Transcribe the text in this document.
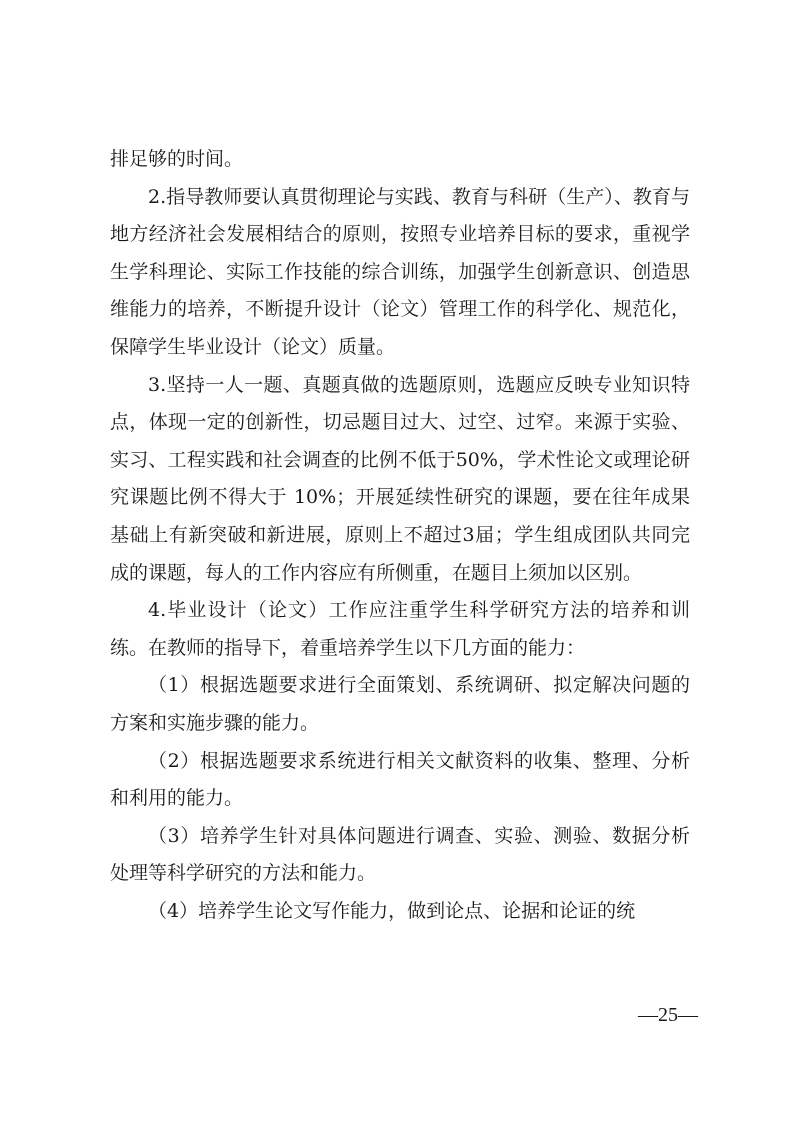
排足够的时间。

2.指导教师要认真贯彻理论与实践、教育与科研（生产）、教育与地方经济社会发展相结合的原则，按照专业培养目标的要求，重视学生学科理论、实际工作技能的综合训练，加强学生创新意识、创造思维能力的培养，不断提升设计（论文）管理工作的科学化、规范化，保障学生毕业设计（论文）质量。

3.坚持一人一题、真题真做的选题原则，选题应反映专业知识特点，体现一定的创新性，切忌题目过大、过空、过窄。来源于实验、实习、工程实践和社会调查的比例不低于50%，学术性论文或理论研究课题比例不得大于 10%；开展延续性研究的课题，要在往年成果基础上有新突破和新进展，原则上不超过3届；学生组成团队共同完成的课题，每人的工作内容应有所侧重，在题目上须加以区别。

4.毕业设计（论文）工作应注重学生科学研究方法的培养和训练。在教师的指导下，着重培养学生以下几方面的能力：

（1）根据选题要求进行全面策划、系统调研、拟定解决问题的方案和实施步骤的能力。

（2）根据选题要求系统进行相关文献资料的收集、整理、分析和利用的能力。

（3）培养学生针对具体问题进行调查、实验、测验、数据分析处理等科学研究的方法和能力。

（4）培养学生论文写作能力，做到论点、论据和论证的统

—25—
